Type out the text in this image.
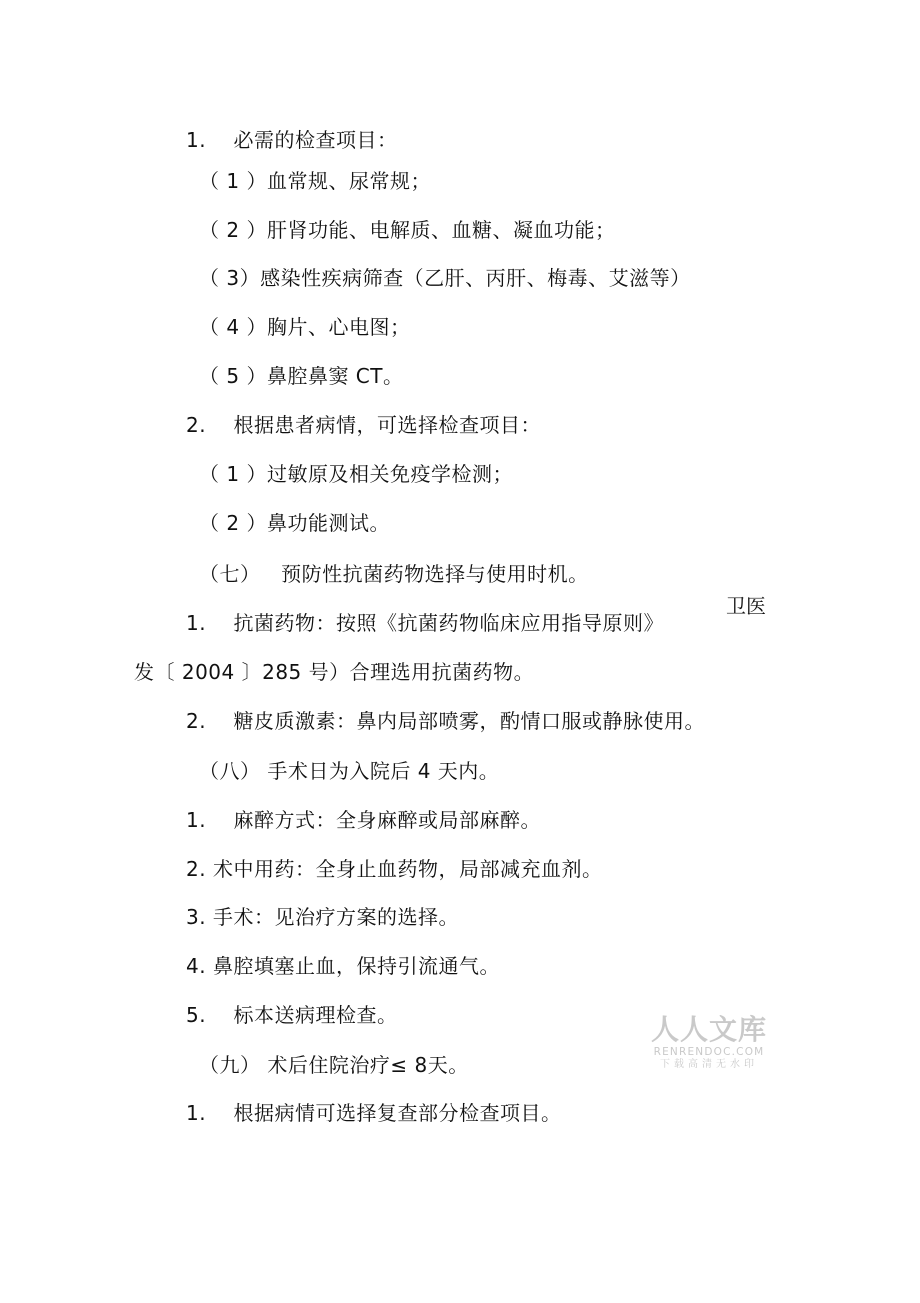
1.    必需的检查项目：
（ 1 ）血常规、尿常规；
（ 2 ）肝肾功能、电解质、血糖、凝血功能；
（ 3）感染性疾病筛查（乙肝、丙肝、梅毒、艾滋等）
（ 4 ）胸片、心电图；
（ 5 ）鼻腔鼻窦 CT。
2.    根据患者病情，可选择检查项目：
（ 1 ）过敏原及相关免疫学检测；
（ 2 ）鼻功能测试。
（七）   预防性抗菌药物选择与使用时机。
1.    抗菌药物：按照《抗菌药物临床应用指导原则》
卫医
发〔 2004 〕285 号）合理选用抗菌药物。
2.    糖皮质激素：鼻内局部喷雾，酌情口服或静脉使用。
（八） 手术日为入院后 4 天内。
1.    麻醉方式：全身麻醉或局部麻醉。
2. 术中用药：全身止血药物，局部减充血剂。
3. 手术：见治疗方案的选择。
4. 鼻腔填塞止血，保持引流通气。
5.    标本送病理检查。
（九） 术后住院治疗≤ 8天。
1.    根据病情可选择复查部分检查项目。
人人文库
RENRENDOC.COM
下载高清无水印
